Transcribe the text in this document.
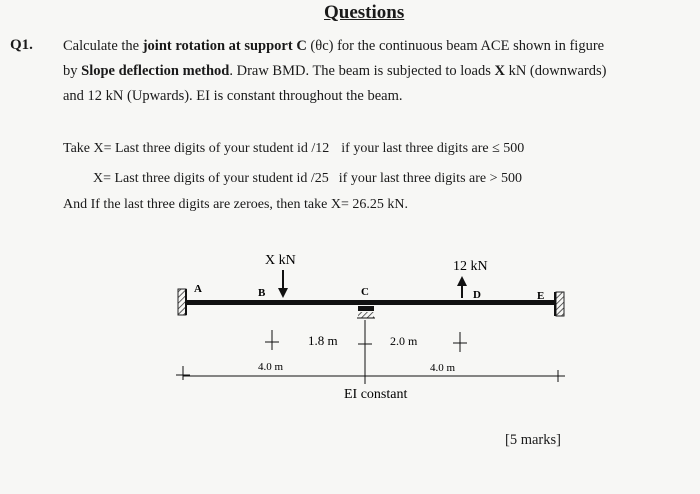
Questions
Q1. Calculate the joint rotation at support C (θc) for the continuous beam ACE shown in figure
by Slope deflection method. Draw BMD. The beam is subjected to loads X kN (downwards)
and 12 kN (Upwards). EI is constant throughout the beam.
Take X= Last three digits of your student id /12 if your last three digits are ≤ 500
X= Last three digits of your student id /25 if your last three digits are > 500
And If the last three digits are zeroes, then take X= 26.25 kN.
X kN	12 kN
A	B	C	D	E
1.8 m	2.0 m
4.0 m	4.0 m
EI constant
[5 marks]
